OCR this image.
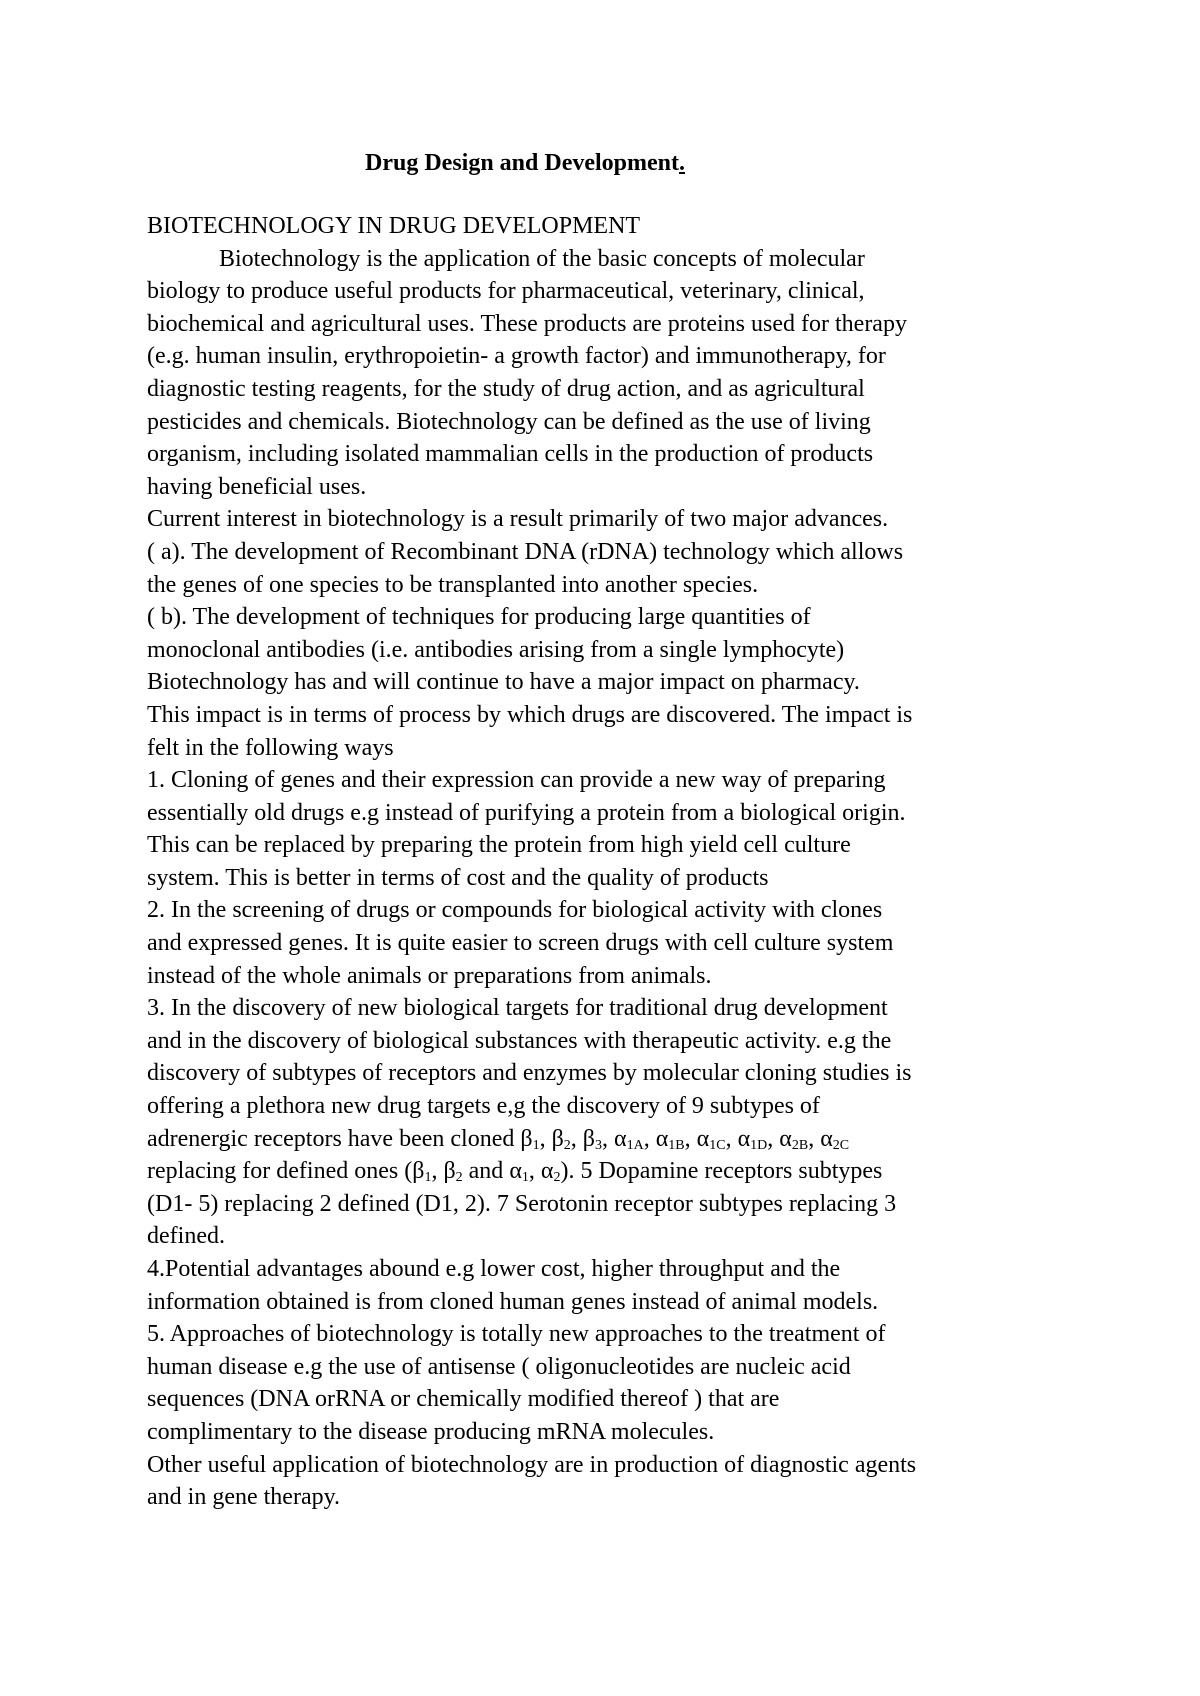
Drug Design and Development.
BIOTECHNOLOGY IN DRUG DEVELOPMENT
Biotechnology is the application of the basic concepts of molecular
biology to produce useful products for pharmaceutical, veterinary, clinical,
biochemical and agricultural uses. These products are proteins used for therapy
(e.g. human insulin, erythropoietin- a growth factor) and immunotherapy, for
diagnostic testing reagents, for the study of drug action, and as agricultural
pesticides and chemicals. Biotechnology can be defined as the use of living
organism, including isolated mammalian cells in the production of products
having beneficial uses.
Current interest in biotechnology is a result primarily of two major advances.
( a). The development of Recombinant DNA (rDNA) technology which allows
the genes of one species to be transplanted into another species.
( b). The development of techniques for producing large quantities of
monoclonal antibodies (i.e. antibodies arising from a single lymphocyte)
Biotechnology has and will continue to have a major impact on pharmacy.
This impact is in terms of process by which drugs are discovered. The impact is
felt in the following ways
1. Cloning of genes and their expression can provide a new way of preparing
essentially old drugs e.g instead of purifying a protein from a biological origin.
This can be replaced by preparing the protein from high yield cell culture
system. This is better in terms of cost and the quality of products
2. In the screening of drugs or compounds for biological activity with clones
and expressed genes. It is quite easier to screen drugs with cell culture system
instead of the whole animals or preparations from animals.
3. In the discovery of new biological targets for traditional drug development
and in the discovery of biological substances with therapeutic activity. e.g the
discovery of subtypes of receptors and enzymes by molecular cloning studies is
offering a plethora new drug targets e,g the discovery of 9 subtypes of
adrenergic receptors have been cloned $\beta_1$, $\beta_2$, $\beta_3$, $\alpha_{1A}$, $\alpha_{1B}$, $\alpha_{1C}$, $\alpha_{1D}$, $\alpha_{2B}$, $\alpha_{2C}$
replacing for defined ones ($\beta_1$, $\beta_2$ and $\alpha_1$, $\alpha_2$). 5 Dopamine receptors subtypes
(D1- 5) replacing 2 defined (D1, 2). 7 Serotonin receptor subtypes replacing 3
defined.
4.Potential advantages abound e.g lower cost, higher throughput and the
information obtained is from cloned human genes instead of animal models.
5. Approaches of biotechnology is totally new approaches to the treatment of
human disease e.g the use of antisense ( oligonucleotides are nucleic acid
sequences (DNA orRNA or chemically modified thereof ) that are
complimentary to the disease producing mRNA molecules.
Other useful application of biotechnology are in production of diagnostic agents
and in gene therapy.
